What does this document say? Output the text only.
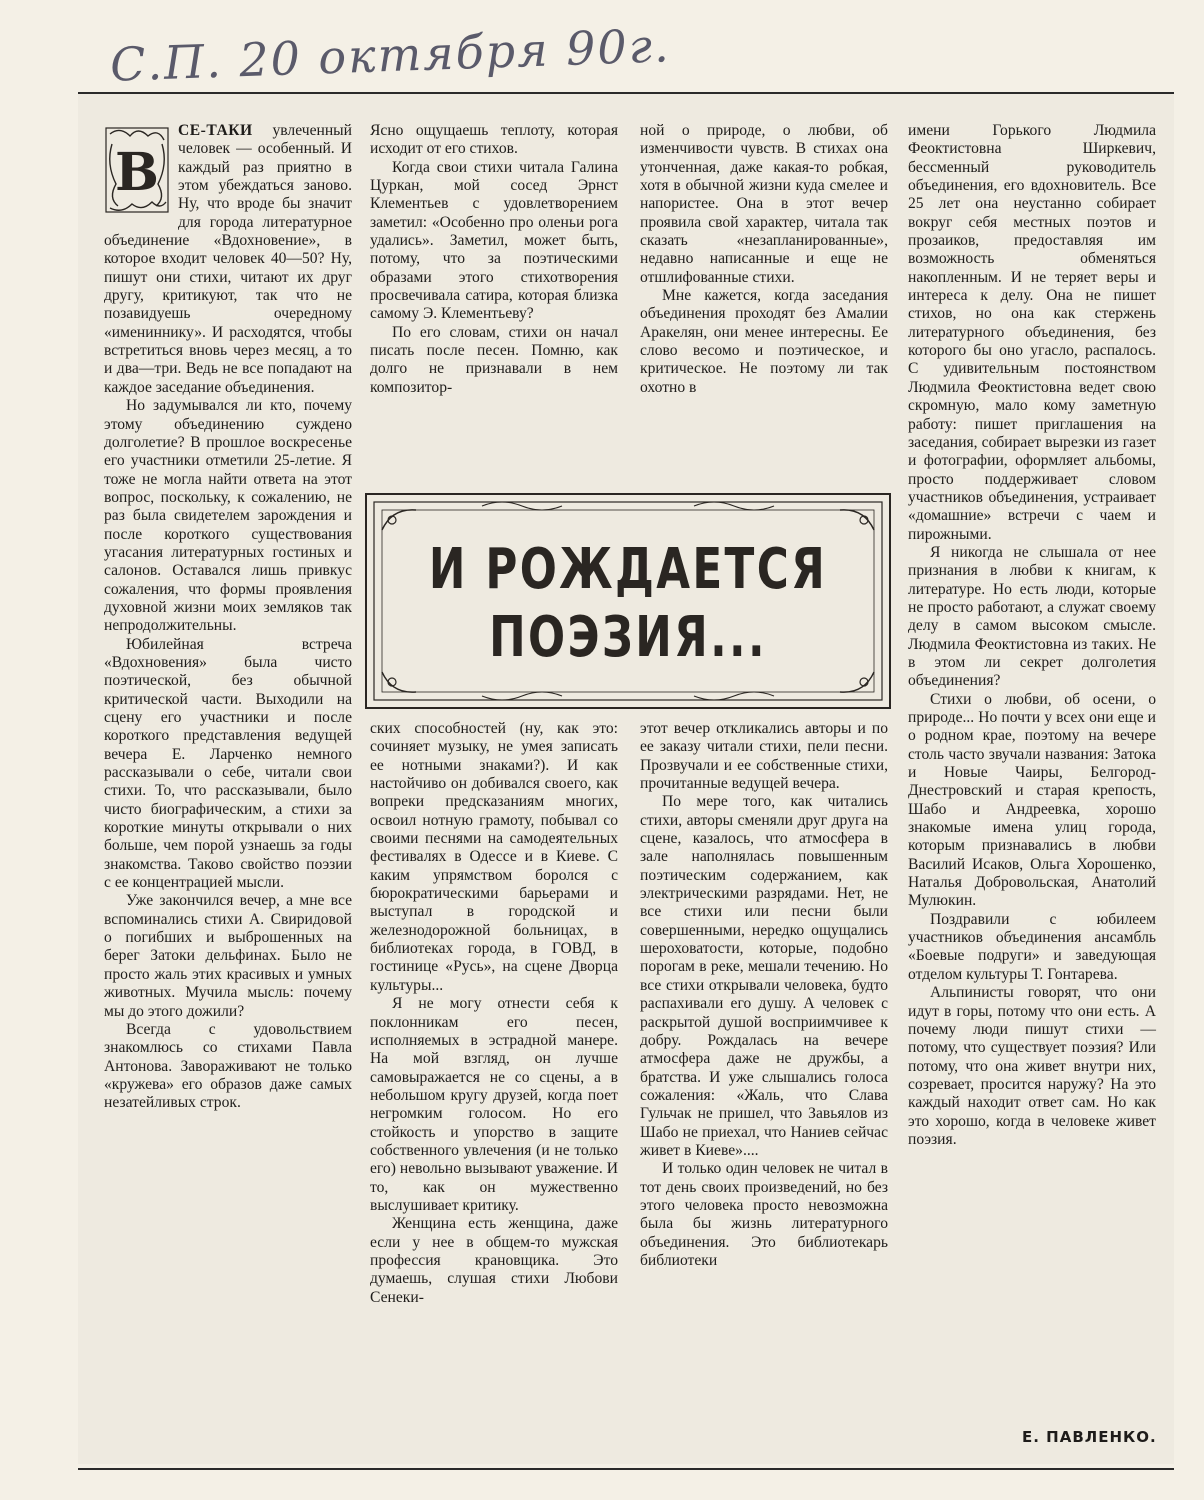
С.П. 20 октября 90г.
В

СЕ-ТАКИ увлеченный человек — особенный. И каждый раз приятно в этом убеждаться заново. Ну, что вроде бы значит для города литературное объединение «Вдохновение», в которое входит человек 40—50? Ну, пишут они стихи, читают их друг другу, критикуют, так что не позавидуешь очередному «имениннику». И расходятся, чтобы встретиться вновь через месяц, а то и два—три. Ведь не все попадают на каждое заседание объединения.

Но задумывался ли кто, почему этому объединению суждено долголетие? В прошлое воскресенье его участники отметили 25-летие. Я тоже не могла найти ответа на этот вопрос, поскольку, к сожалению, не раз была свидетелем зарождения и после короткого существования угасания литературных гостиных и салонов. Оставался лишь привкус сожаления, что формы проявления духовной жизни моих земляков так непродолжительны.

Юбилейная встреча «Вдохновения» была чисто поэтической, без обычной критической части. Выходили на сцену его участники и после короткого представления ведущей вечера Е. Ларченко немного рассказывали о себе, читали свои стихи. То, что рассказывали, было чисто биографическим, а стихи за короткие минуты открывали о них больше, чем порой узнаешь за годы знакомства. Таково свойство поэзии с ее концентрацией мысли.

Уже закончился вечер, а мне все вспоминались стихи А. Свиридовой о погибших и выброшенных на берег Затоки дельфинах. Было не просто жаль этих красивых и умных животных. Мучила мысль: почему мы до этого дожили?

Всегда с удовольствием знакомлюсь со стихами Павла Антонова. Завораживают не только «кружева» его образов даже самых незатейливых строк.

Ясно ощущаешь теплоту, которая исходит от его стихов.

Когда свои стихи читала Галина Цуркан, мой сосед Эрнст Клементьев с удовлетворением заметил: «Особенно про оленьи рога удались». Заметил, может быть, потому, что за поэтическими образами этого стихотворения просвечивала сатира, которая близка самому Э. Клементьеву?

По его словам, стихи он начал писать после песен. Помню, как долго не признавали в нем композитор-

ских способностей (ну, как это: сочиняет музыку, не умея записать ее нотными знаками?). И как настойчиво он добивался своего, как вопреки предсказаниям многих, освоил нотную грамоту, побывал со своими песнями на самодеятельных фестивалях в Одессе и в Киеве. С каким упрямством боролся с бюрократическими барьерами и выступал в городской и железнодорожной больницах, в библиотеках города, в ГОВД, в гостинице «Русь», на сцене Дворца культуры...

Я не могу отнести себя к поклонникам его песен, исполняемых в эстрадной манере. На мой взгляд, он лучше самовыражается не со сцены, а в небольшом кругу друзей, когда поет негромким голосом. Но его стойкость и упорство в защите собственного увлечения (и не только его) невольно вызывают уважение. И то, как он мужественно выслушивает критику.

Женщина есть женщина, даже если у нее в общем-то мужская профессия крановщика. Это думаешь, слушая стихи Любови Сенеки-

ной о природе, о любви, об изменчивости чувств. В стихах она утонченная, даже какая-то робкая, хотя в обычной жизни куда смелее и напористее. Она в этот вечер проявила свой характер, читала так сказать «незапланированные», недавно написанные и еще не отшлифованные стихи.

Мне кажется, когда заседания объединения проходят без Амалии Аракелян, они менее интересны. Ее слово весомо и поэтическое, и критическое. Не поэтому ли так охотно в

этот вечер откликались авторы и по ее заказу читали стихи, пели песни. Прозвучали и ее собственные стихи, прочитанные ведущей вечера.

По мере того, как читались стихи, авторы сменяли друг друга на сцене, казалось, что атмосфера в зале наполнялась повышенным поэтическим содержанием, как электрическими разрядами. Нет, не все стихи или песни были совершенными, нередко ощущались шероховатости, которые, подобно порогам в реке, мешали течению. Но все стихи открывали человека, будто распахивали его душу. А человек с раскрытой душой восприимчивее к добру. Рождалась на вечере атмосфера даже не дружбы, а братства. И уже слышались голоса сожаления: «Жаль, что Слава Гульчак не пришел, что Завьялов из Шабо не приехал, что Наниев сейчас живет в Киеве»....

И только один человек не читал в тот день своих произведений, но без этого человека просто невозможна была бы жизнь литературного объединения. Это библиотекарь библиотеки

имени Горького Людмила Феоктистовна Ширкевич, бессменный руководитель объединения, его вдохновитель. Все 25 лет она неустанно собирает вокруг себя местных поэтов и прозаиков, предоставляя им возможность обменяться накопленным. И не теряет веры и интереса к делу. Она не пишет стихов, но она как стержень литературного объединения, без которого бы оно угасло, распалось. С удивительным постоянством Людмила Феоктистовна ведет свою скромную, мало кому заметную работу: пишет приглашения на заседания, собирает вырезки из газет и фотографии, оформляет альбомы, просто поддерживает словом участников объединения, устраивает «домашние» встречи с чаем и пирожными.

Я никогда не слышала от нее признания в любви к книгам, к литературе. Но есть люди, которые не просто работают, а служат своему делу в самом высоком смысле. Людмила Феоктистовна из таких. Не в этом ли секрет долголетия объединения?

Стихи о любви, об осени, о природе... Но почти у всех они еще и о родном крае, поэтому на вечере столь часто звучали названия: Затока и Новые Чаиры, Белгород-Днестровский и старая крепость, Шабо и Андреевка, хорошо знакомые имена улиц города, которым признавались в любви Василий Исаков, Ольга Хорошенко, Наталья Добровольская, Анатолий Мулюкин.

Поздравили с юбилеем участников объединения ансамбль «Боевые подруги» и заведующая отделом культуры Т. Гонтарева.

Альпинисты говорят, что они идут в горы, потому что они есть. А почему люди пишут стихи — потому, что существует поэзия? Или потому, что она живет внутри них, созревает, просится наружу? На это каждый находит ответ сам. Но как это хорошо, когда в человеке живет поэзия.

И РОЖДАЕТСЯ
ПОЭЗИЯ...
Е. ПАВЛЕНКО.
